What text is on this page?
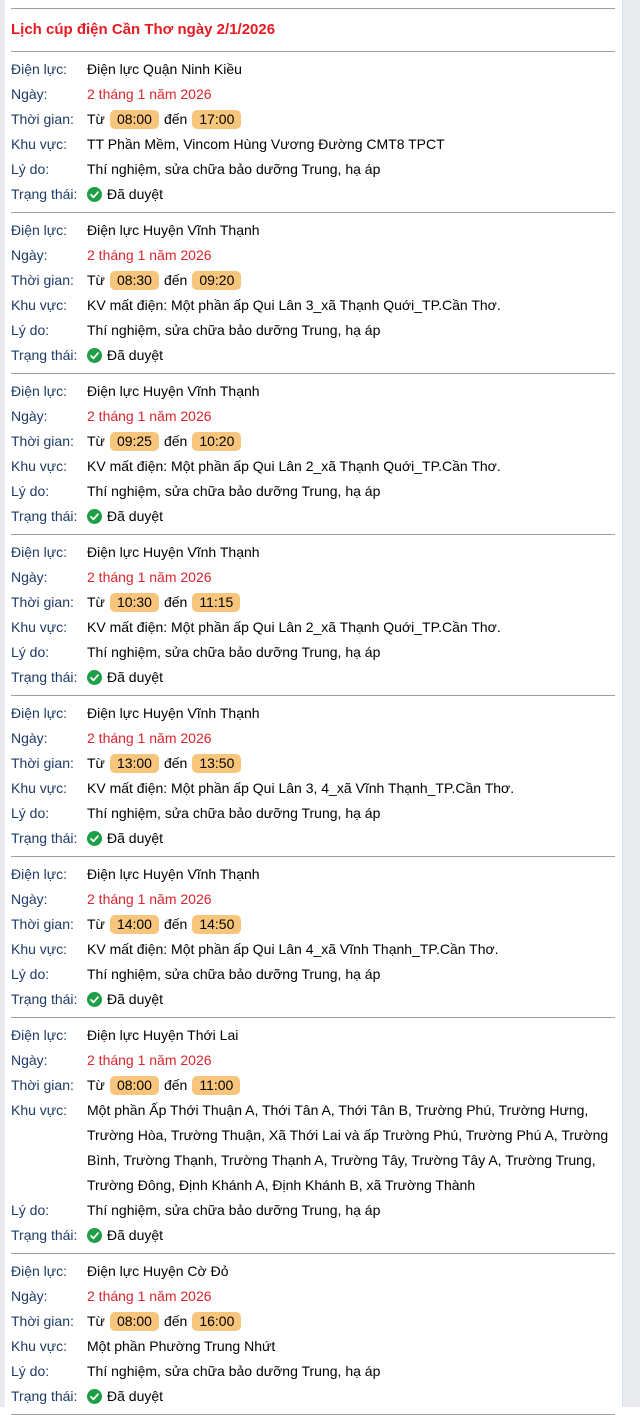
Lịch cúp điện Cần Thơ ngày 2/1/2026
Điện lực:	Điện lực Quận Ninh Kiều
Ngày:	2 tháng 1 năm 2026
Thời gian: Từ 08:00 đến 17:00
Khu vực:	TT Phần Mềm, Vincom Hùng Vương Đường CMT8 TPCT
Lý do:	Thí nghiệm, sửa chữa bảo dưỡng Trung, hạ áp
Trạng thái:	Đã duyệt
Điện lực:	Điện lực Huyện Vĩnh Thạnh
Ngày:	2 tháng 1 năm 2026
Thời gian: Từ 08:30 đến 09:20
Khu vực:	KV mất điện: Một phần ấp Qui Lân 3_xã Thạnh Quới_TP.Cần Thơ.
Lý do:	Thí nghiệm, sửa chữa bảo dưỡng Trung, hạ áp
Trạng thái:	Đã duyệt
Điện lực:	Điện lực Huyện Vĩnh Thạnh
Ngày:	2 tháng 1 năm 2026
Thời gian: Từ 09:25 đến 10:20
Khu vực:	KV mất điện: Một phần ấp Qui Lân 2_xã Thạnh Quới_TP.Cần Thơ.
Lý do:	Thí nghiệm, sửa chữa bảo dưỡng Trung, hạ áp
Trạng thái:	Đã duyệt
Điện lực:	Điện lực Huyện Vĩnh Thạnh
Ngày:	2 tháng 1 năm 2026
Thời gian: Từ 10:30 đến 11:15
Khu vực:	KV mất điện: Một phần ấp Qui Lân 2_xã Thạnh Quới_TP.Cần Thơ.
Lý do:	Thí nghiệm, sửa chữa bảo dưỡng Trung, hạ áp
Trạng thái:	Đã duyệt
Điện lực:	Điện lực Huyện Vĩnh Thạnh
Ngày:	2 tháng 1 năm 2026
Thời gian: Từ 13:00 đến 13:50
Khu vực:	KV mất điện: Một phần ấp Qui Lân 3, 4_xã Vĩnh Thạnh_TP.Cần Thơ.
Lý do:	Thí nghiệm, sửa chữa bảo dưỡng Trung, hạ áp
Trạng thái:	Đã duyệt
Điện lực:	Điện lực Huyện Vĩnh Thạnh
Ngày:	2 tháng 1 năm 2026
Thời gian: Từ 14:00 đến 14:50
Khu vực:	KV mất điện: Một phần ấp Qui Lân 4_xã Vĩnh Thạnh_TP.Cần Thơ.
Lý do:	Thí nghiệm, sửa chữa bảo dưỡng Trung, hạ áp
Trạng thái:	Đã duyệt
Điện lực:	Điện lực Huyện Thới Lai
Ngày:	2 tháng 1 năm 2026
Thời gian: Từ 08:00 đến 11:00
Khu vực:	Một phần Ấp Thới Thuận A, Thới Tân A, Thới Tân B, Trường Phú, Trường Hưng, Trường Hòa, Trường Thuận, Xã Thới Lai và ấp Trường Phú, Trường Phú A, Trường Bình, Trường Thạnh, Trường Thạnh A, Trường Tây, Trường Tây A, Trường Trung, Trường Đông, Định Khánh A, Định Khánh B, xã Trường Thành
Lý do:	Thí nghiệm, sửa chữa bảo dưỡng Trung, hạ áp
Trạng thái:	Đã duyệt
Điện lực:	Điện lực Huyện Cờ Đỏ
Ngày:	2 tháng 1 năm 2026
Thời gian: Từ 08:00 đến 16:00
Khu vực:	Một phần Phường Trung Nhứt
Lý do:	Thí nghiệm, sửa chữa bảo dưỡng Trung, hạ áp
Trạng thái:	Đã duyệt
